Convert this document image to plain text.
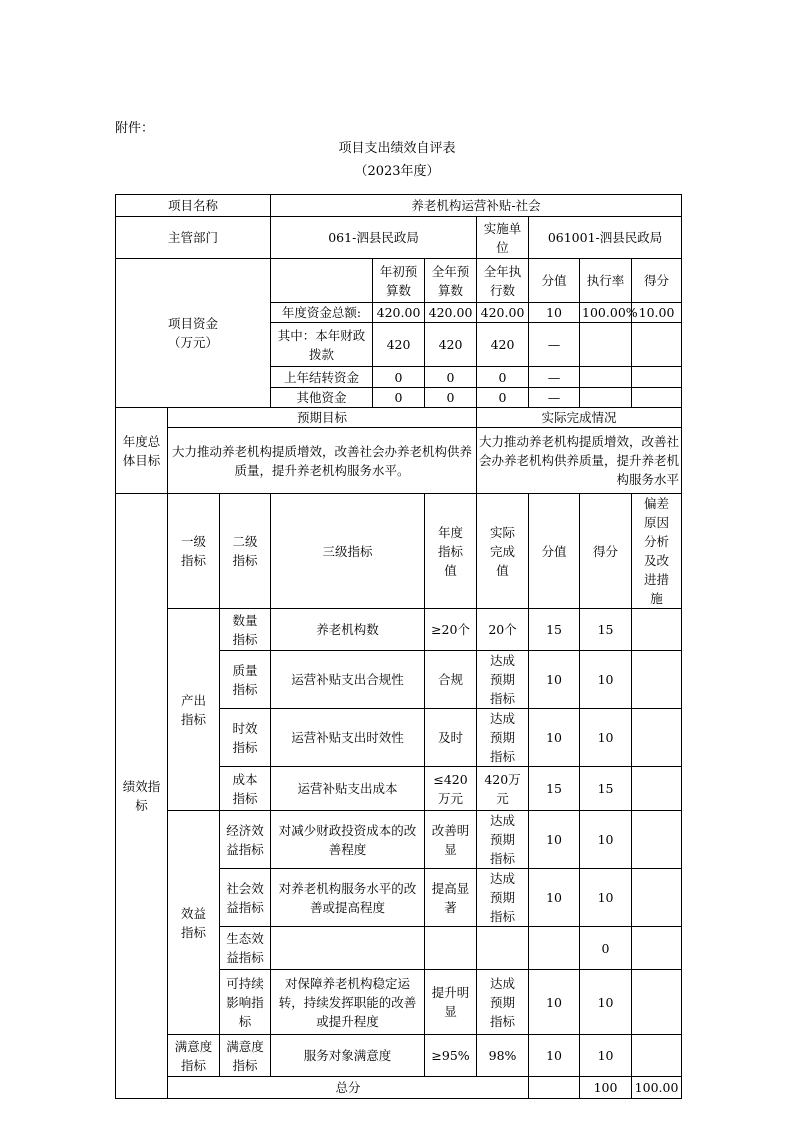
附件：
项目支出绩效自评表
（2023年度）
项目名称			养老机构运营补贴-社会							
主管部门			061-泗县民政局			实施单位	061001-泗县民政局			
项目资金（万元）				年初预算数	全年预算数	全年执行数	分值	执行率	得分	
			年度资金总额:	420.00	420.00	420.00	10	100.00%	10.00	
			其中：本年财政拨款	420	420	420	—			
			上年结转资金	0	0	0	—			
			其他资金	0	0	0	—			
年度总体目标	预期目标					实际完成情况				
	大力推动养老机构提质增效，改善社会办养老机构供养质量，提升养老机构服务水平。					大力推动养老机构提质增效，改善社会办养老机构供养质量，提升养老机构服务水平				
绩效指标	一级指标	二级指标	三级指标		年度指标值	实际完成值	分值	得分	偏差原因分析及改进措施	
	产出指标	数量指标	养老机构数		≥20个	20个	15	15		
		质量指标	运营补贴支出合规性		合规	达成预期指标	10	10		
		时效指标	运营补贴支出时效性		及时	达成预期指标	10	10		
		成本指标	运营补贴支出成本		≤420万元	420万元	15	15		
	效益指标	经济效益指标	对减少财政投资成本的改善程度		改善明显	达成预期指标	10	10		
		社会效益指标	对养老机构服务水平的改善或提高程度		提高显著	达成预期指标	10	10		
		生态效益指标						0		
		可持续影响指标	对保障养老机构稳定运转，持续发挥职能的改善或提升程度		提升明显	达成预期指标	10	10		
	满意度指标	满意度指标	服务对象满意度		≥95%	98%	10	10		
	总分							100	100.00	
